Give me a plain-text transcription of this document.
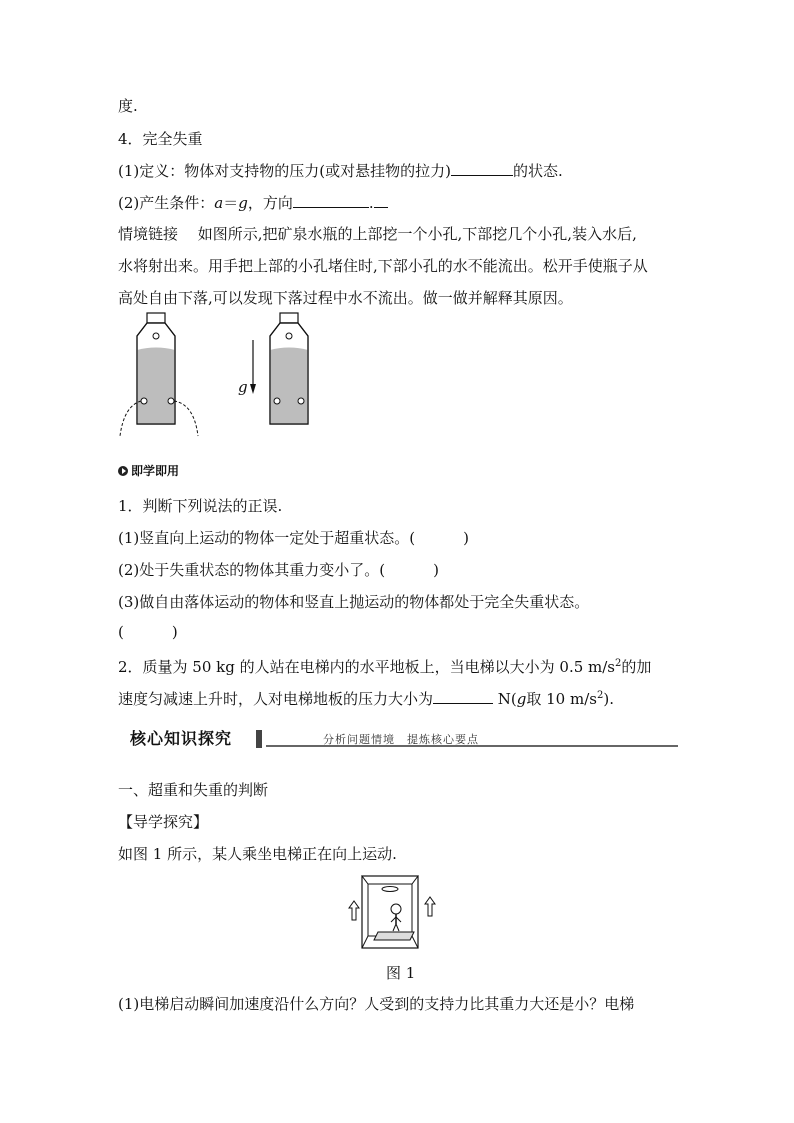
度.
4．完全失重
(1)定义：物体对支持物的压力(或对悬挂物的拉力)	的状态.
(2)产生条件：a＝g，方向	.
情境链接　 如图所示,把矿泉水瓶的上部挖一个小孔,下部挖几个小孔,装入水后,
水将射出来。用手把上部的小孔堵住时,下部小孔的水不能流出。松开手使瓶子从
高处自由下落,可以发现下落过程中水不流出。做一做并解释其原因。
g
即学即用
1．判断下列说法的正误.
(1)竖直向上运动的物体一定处于超重状态。(	)
(2)处于失重状态的物体其重力变小了。(	)
(3)做自由落体运动的物体和竖直上抛运动的物体都处于完全失重状态。
(	)
2．质量为 50 kg 的人站在电梯内的水平地板上，当电梯以大小为 0.5 $m/s^2$的加
速度匀减速上升时，人对电梯地板的压力大小为	N(g取 10 $m/s^2$).
核心知识探究	分析问题情境　提炼核心要点
一、超重和失重的判断
【导学探究】
如图 1 所示，某人乘坐电梯正在向上运动.
图 1
(1)电梯启动瞬间加速度沿什么方向？人受到的支持力比其重力大还是小？电梯
